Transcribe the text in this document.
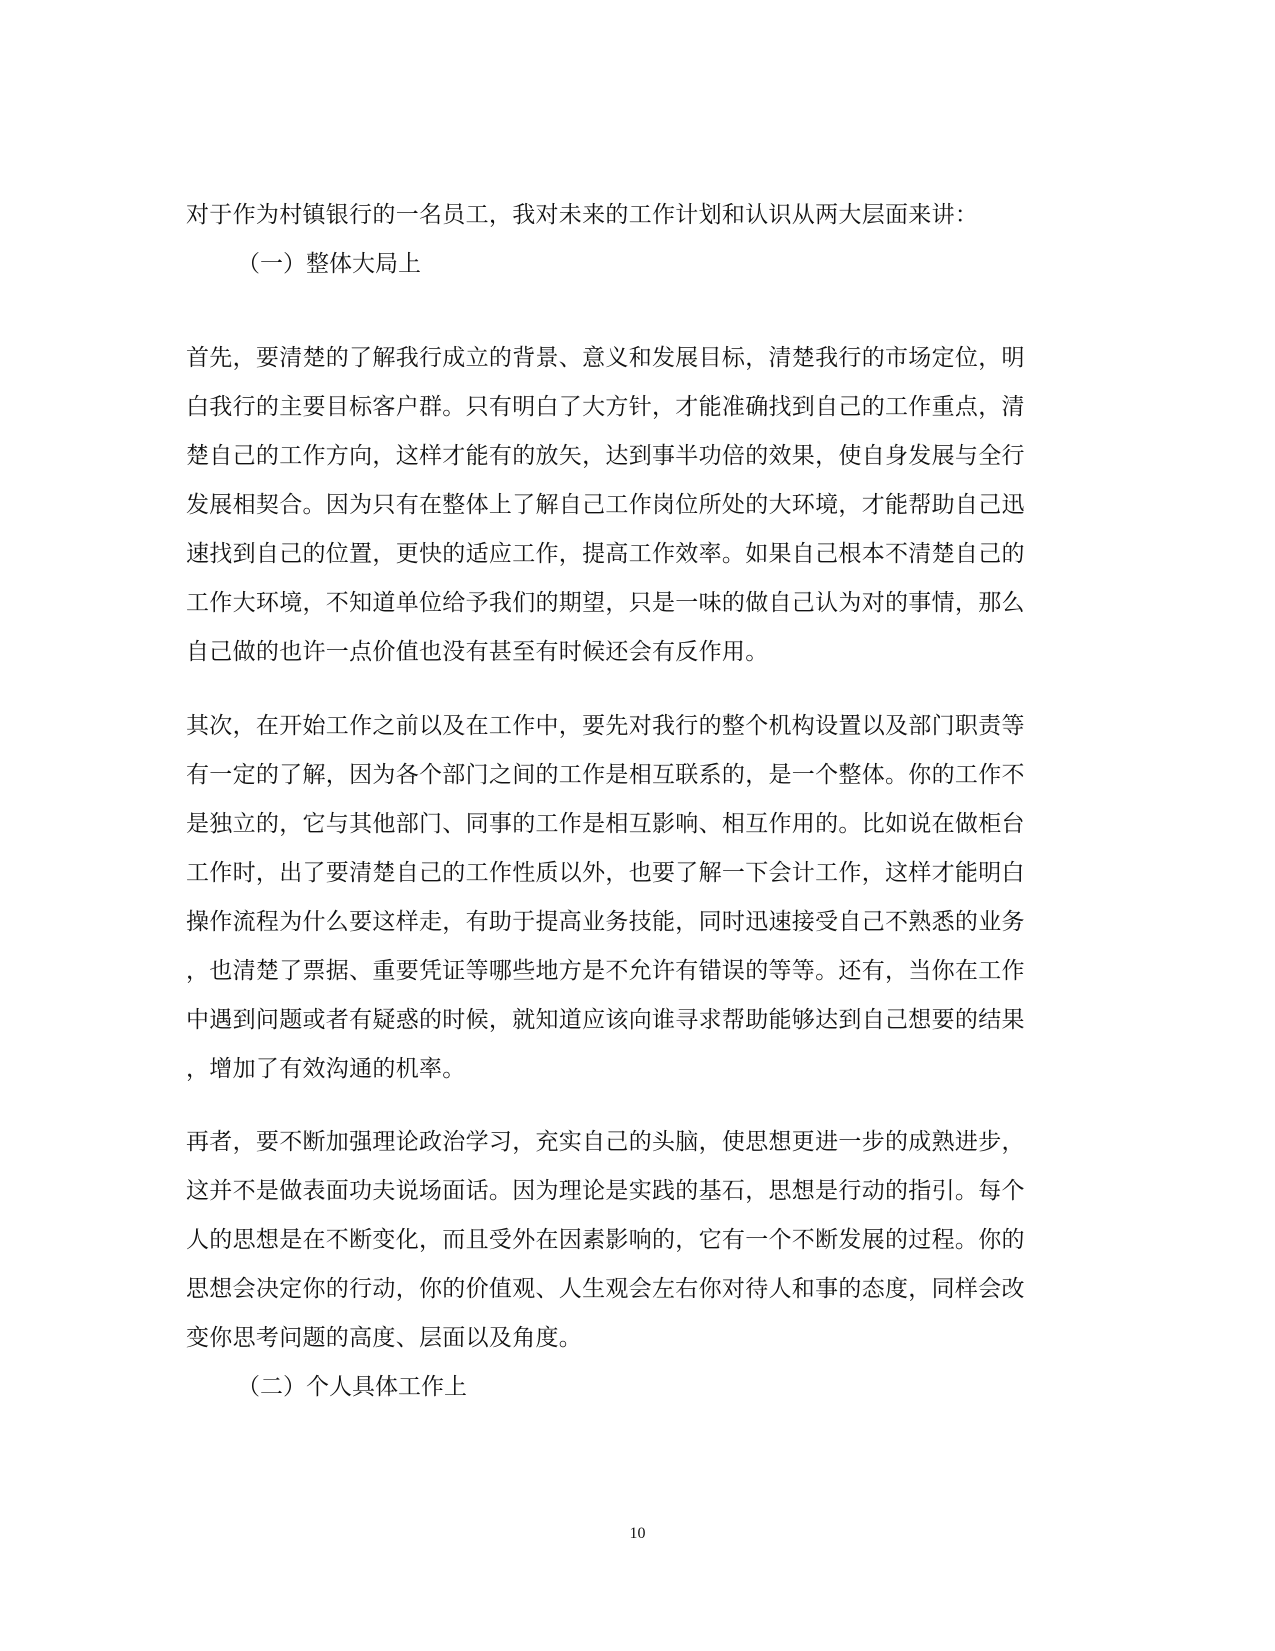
对于作为村镇银行的一名员工，我对未来的工作计划和认识从两大层面来讲：
（一）整体大局上
首先，要清楚的了解我行成立的背景、意义和发展目标，清楚我行的市场定位，明
白我行的主要目标客户群。只有明白了大方针，才能准确找到自己的工作重点，清
楚自己的工作方向，这样才能有的放矢，达到事半功倍的效果，使自身发展与全行
发展相契合。因为只有在整体上了解自己工作岗位所处的大环境，才能帮助自己迅
速找到自己的位置，更快的适应工作，提高工作效率。如果自己根本不清楚自己的
工作大环境，不知道单位给予我们的期望，只是一味的做自己认为对的事情，那么
自己做的也许一点价值也没有甚至有时候还会有反作用。
其次，在开始工作之前以及在工作中，要先对我行的整个机构设置以及部门职责等
有一定的了解，因为各个部门之间的工作是相互联系的，是一个整体。你的工作不
是独立的，它与其他部门、同事的工作是相互影响、相互作用的。比如说在做柜台
工作时，出了要清楚自己的工作性质以外，也要了解一下会计工作，这样才能明白
操作流程为什么要这样走，有助于提高业务技能，同时迅速接受自己不熟悉的业务
，也清楚了票据、重要凭证等哪些地方是不允许有错误的等等。还有，当你在工作
中遇到问题或者有疑惑的时候，就知道应该向谁寻求帮助能够达到自己想要的结果
，增加了有效沟通的机率。
再者，要不断加强理论政治学习，充实自己的头脑，使思想更进一步的成熟进步，
这并不是做表面功夫说场面话。因为理论是实践的基石，思想是行动的指引。每个
人的思想是在不断变化，而且受外在因素影响的，它有一个不断发展的过程。你的
思想会决定你的行动，你的价值观、人生观会左右你对待人和事的态度，同样会改
变你思考问题的高度、层面以及角度。
（二）个人具体工作上
10
